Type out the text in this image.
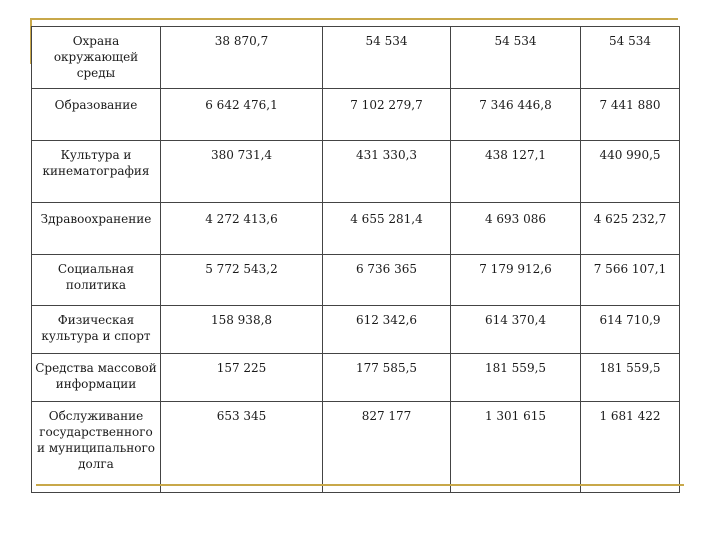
Охрана окружающей среды	38 870,7	54 534	54 534	54 534
Образование	6 642 476,1	7 102 279,7	7 346 446,8	7 441 880
Культура и кинематография	380 731,4	431 330,3	438 127,1	440 990,5
Здравоохранение	4 272 413,6	4 655 281,4	4 693 086	4 625 232,7
Социальная политика	5 772 543,2	6 736 365	7 179 912,6	7 566 107,1
Физическая культура и спорт	158 938,8	612 342,6	614 370,4	614 710,9
Средства массовой информации	157 225	177 585,5	181 559,5	181 559,5
Обслуживание государственного и муниципального долга	653 345	827 177	1 301 615	1 681 422
